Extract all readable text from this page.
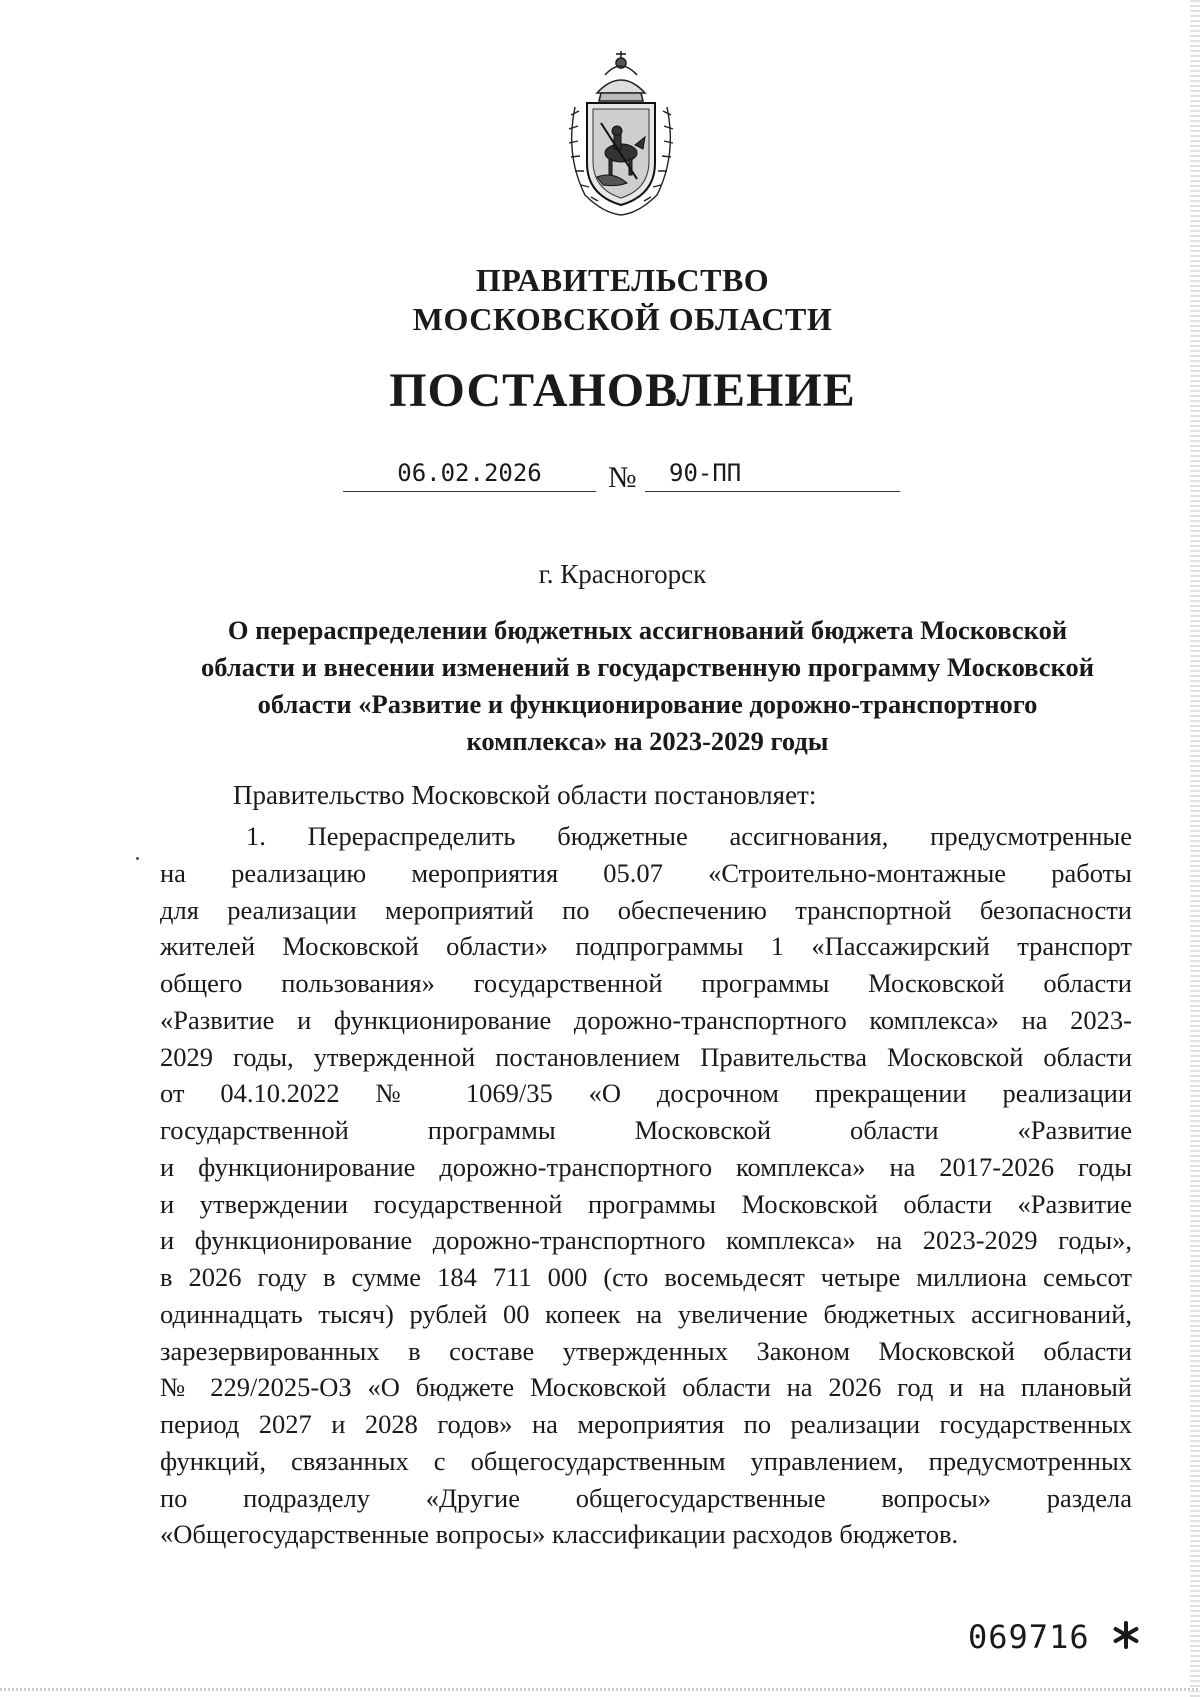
ПРАВИТЕЛЬСТВО
МОСКОВСКОЙ ОБЛАСТИ
ПОСТАНОВЛЕНИЕ
06.02.2026	№	90-ПП
г. Красногорск
О перераспределении бюджетных ассигнований бюджета Московской
области и внесении изменений в государственную программу Московской
области «Развитие и функционирование дорожно-транспортного
комплекса» на 2023-2029 годы
Правительство Московской области постановляет:
1. Перераспределить бюджетные ассигнования, предусмотренные
на реализацию мероприятия 05.07 «Строительно-монтажные работы
для реализации мероприятий по обеспечению транспортной безопасности
жителей Московской области» подпрограммы 1 «Пассажирский транспорт
общего пользования» государственной программы Московской области
«Развитие и функционирование дорожно-транспортного комплекса» на 2023-
2029 годы, утвержденной постановлением Правительства Московской области
от 04.10.2022 № 1069/35 «О досрочном прекращении реализации
государственной программы Московской области «Развитие
и функционирование дорожно-транспортного комплекса» на 2017-2026 годы
и утверждении государственной программы Московской области «Развитие
и функционирование дорожно-транспортного комплекса» на 2023-2029 годы»,
в 2026 году в сумме 184 711 000 (сто восемьдесят четыре миллиона семьсот
одиннадцать тысяч) рублей 00 копеек на увеличение бюджетных ассигнований,
зарезервированных в составе утвержденных Законом Московской области
№ 229/2025-ОЗ «О бюджете Московской области на 2026 год и на плановый
период 2027 и 2028 годов» на мероприятия по реализации государственных
функций, связанных с общегосударственным управлением, предусмотренных
по подразделу «Другие общегосударственные вопросы» раздела
«Общегосударственные вопросы» классификации расходов бюджетов.
069716
